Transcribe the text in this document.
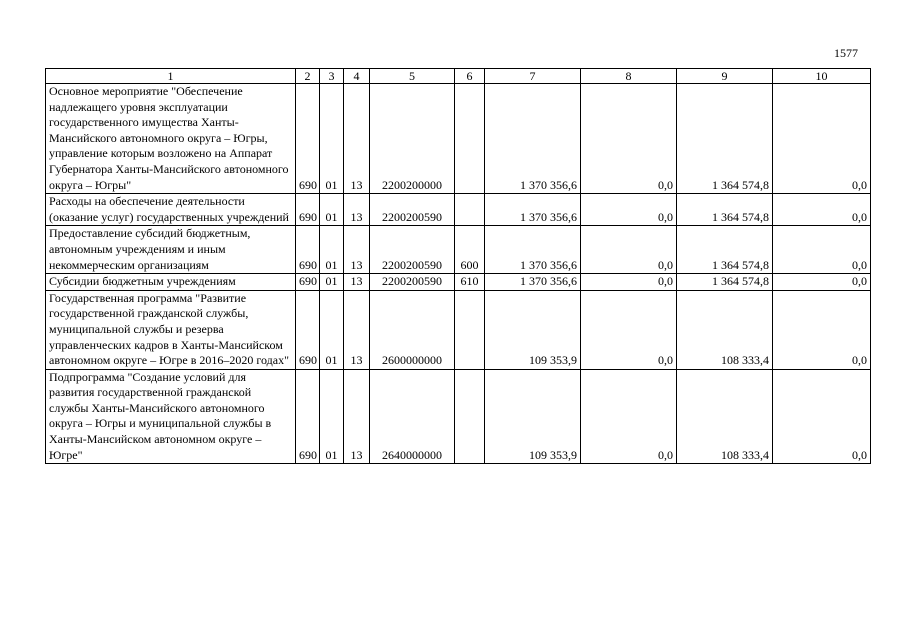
1577
1	2	3	4	5	6	7	8	9	10
Основное мероприятие "Обеспечение надлежащего уровня эксплуатации государственного имущества Ханты-Мансийского автономного округа – Югры, управление которым возложено на Аппарат Губернатора Ханты-Мансийского автономного округа – Югры"	690	01	13	2200200000		1 370 356,6	0,0	1 364 574,8	0,0
Расходы на обеспечение деятельности (оказание услуг) государственных учреждений	690	01	13	2200200590		1 370 356,6	0,0	1 364 574,8	0,0
Предоставление субсидий бюджетным, автономным учреждениям и иным некоммерческим организациям	690	01	13	2200200590	600	1 370 356,6	0,0	1 364 574,8	0,0
Субсидии бюджетным учреждениям	690	01	13	2200200590	610	1 370 356,6	0,0	1 364 574,8	0,0
Государственная программа "Развитие государственной гражданской службы, муниципальной службы и резерва управленческих кадров в Ханты-Мансийском автономном округе – Югре в 2016–2020 годах"	690	01	13	2600000000		109 353,9	0,0	108 333,4	0,0
Подпрограмма "Создание условий для развития государственной гражданской службы Ханты-Мансийского автономного округа – Югры и муниципальной службы в Ханты-Мансийском автономном округе – Югре"	690	01	13	2640000000		109 353,9	0,0	108 333,4	0,0
